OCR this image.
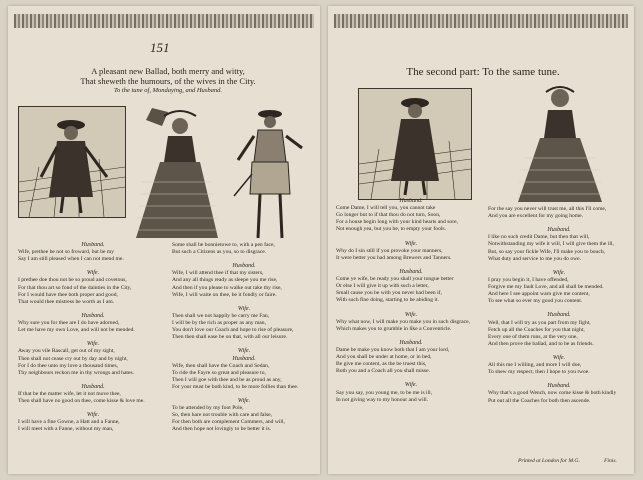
151
A pleasant new Ballad, both merry and witty,
That sheweth the humours, of the wives in the City.
To the tune of, Mondaying, and Husband.
Husband.
Wife, prethee be not so froward, but be my
Say I am still pleased when I can not mend me.

Wife.
I prethee doe thou not be so proud and covetous,
For that thou art so fond of the dainties in the City,
For I would have thee both proper and good,
That would thee mistress be worth as I am.

Husband.
Why sure you for thee are I do have adorned,
Let me have my own Love, and will not be mended.

Wife.
Away you vile Rascall, get out of my sight,
Then shall not cease cry out by day and by night,
For I do thee unto my love a thousand times,
Thy neighbours reckon me in thy wrongs and hates.

Husband.
If that be the matter wife, let it not move thee,
Then shall have no good on thee, come kisse & love me.

Wife.
I will have a fine Gowne, a Hatt and a Fanne,
I will meet with a Fanne, without my man,
Some shall be bonnietowe to, with a pen face,
But such a Citizens as you, so to disgrace.

Husband.
Wife, I will attend thee if that my sisters,
And any all things ready as sleepe you me rise,
And then if you please to walke out take thy rise,
Wife, I will waite on thee, be it fondly or faire.

Wife.
Then shall we not happily be carry me Fan,
I will be by the rich as proper as any man,
You don't love our Coach and hope to rise of pleasure,
Then then shall ease be on that, with all our leisure.

Wife.
Husband.
Wife, then shall have the Coach and Sedan,
To ride the Fayre so great and pleasure to,
Then I will goe with thee and be as proud as any,
For your must be both kind, to be more follies than thee.

Wife.
To be attended by my foot Pole,
So, then hare not trouble with care and false,
For then both are complement Commers, and will,
And then hope not lovingly to be better it is.
The second part: To the same tune.
Husband.
Come Dame, I will tell you, you cannot take
Go longer but to if that thou do not turn, Soon,
For a house begin long with your kind hearts and sore,
Not enough yea, but you be, to empty your fools.

Wife.
Why do I sin still if you provoke your manners,
It were better you had among Brewers and Tanners.

Husband.
Come ye wife, be ready you shall your tongue better
Or else I will give it up with such a letter,
Small cause you be with you never had been if,
With such fine doing, starting to be abiding it.

Wife.
Why what now, I will make you make you in such disgrace,
Which makes you to grumble in like a Conventicle.

Husband.
Dame be make you know both that I am your lord,
And you shall be under at home, or in bed,
Be give me content, as the be truest this,
Both you and a Coach all you shall misse.

Wife.
Say you say, you young me, to be me is ill,
In not giving way to my honour and will.
For the say you never will trust me, all this I'll come,
And you are excellent for my going home.

Husband.
I like no such credit Dame, but then that will,
Notwithstanding my wife it will, I will give them the ill,
But, so say your fickle Wife, I'll make you to bouch,
What duty and service to me you do owe.

Wife.
I pray you begin it, I have offended,
Forgive me my fault Love, and all shall be mended.
And here I see appoint warn give me content,
To see what so ever my good you content.

Husband.
Well, that I will try as you part from my fight,
Fetch up all the Coaches for you that night,
Every one of them runs, at the very one,
And then prove the ballad, and to be as friends.

Wife.
All this me I willing, and more I will doe,
To shew my respect, then I hope to you twoe.

Husband.
Why that's a good Wench, now come kisse & both kindly
Put out all the Coaches for both then ascende.
Printed at London for M.G.	Finis.
